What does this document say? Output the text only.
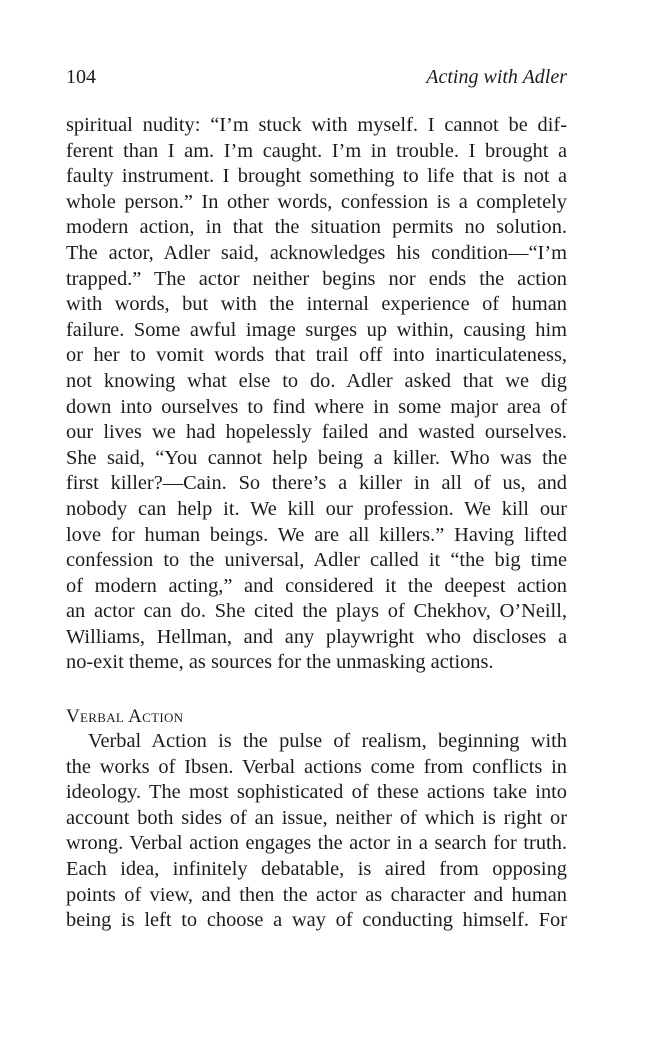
104	Acting with Adler
spiritual nudity: “I’m stuck with myself. I cannot be dif-
ferent than I am. I’m caught. I’m in trouble. I brought a
faulty instrument. I brought something to life that is not a
whole person.” In other words, confession is a completely
modern action, in that the situation permits no solution.
The actor, Adler said, acknowledges his condition—“I’m
trapped.” The actor neither begins nor ends the action
with words, but with the internal experience of human
failure. Some awful image surges up within, causing him
or her to vomit words that trail off into inarticulateness,
not knowing what else to do. Adler asked that we dig
down into ourselves to find where in some major area of
our lives we had hopelessly failed and wasted ourselves.
She said, “You cannot help being a killer. Who was the
first killer?—Cain. So there’s a killer in all of us, and
nobody can help it. We kill our profession. We kill our
love for human beings. We are all killers.” Having lifted
confession to the universal, Adler called it “the big time
of modern acting,” and considered it the deepest action
an actor can do. She cited the plays of Chekhov, O’Neill,
Williams, Hellman, and any playwright who discloses a
no-exit theme, as sources for the unmasking actions.
Verbal Action
Verbal Action is the pulse of realism, beginning with
the works of Ibsen. Verbal actions come from conflicts in
ideology. The most sophisticated of these actions take into
account both sides of an issue, neither of which is right or
wrong. Verbal action engages the actor in a search for truth.
Each idea, infinitely debatable, is aired from opposing
points of view, and then the actor as character and human
being is left to choose a way of conducting himself. For
